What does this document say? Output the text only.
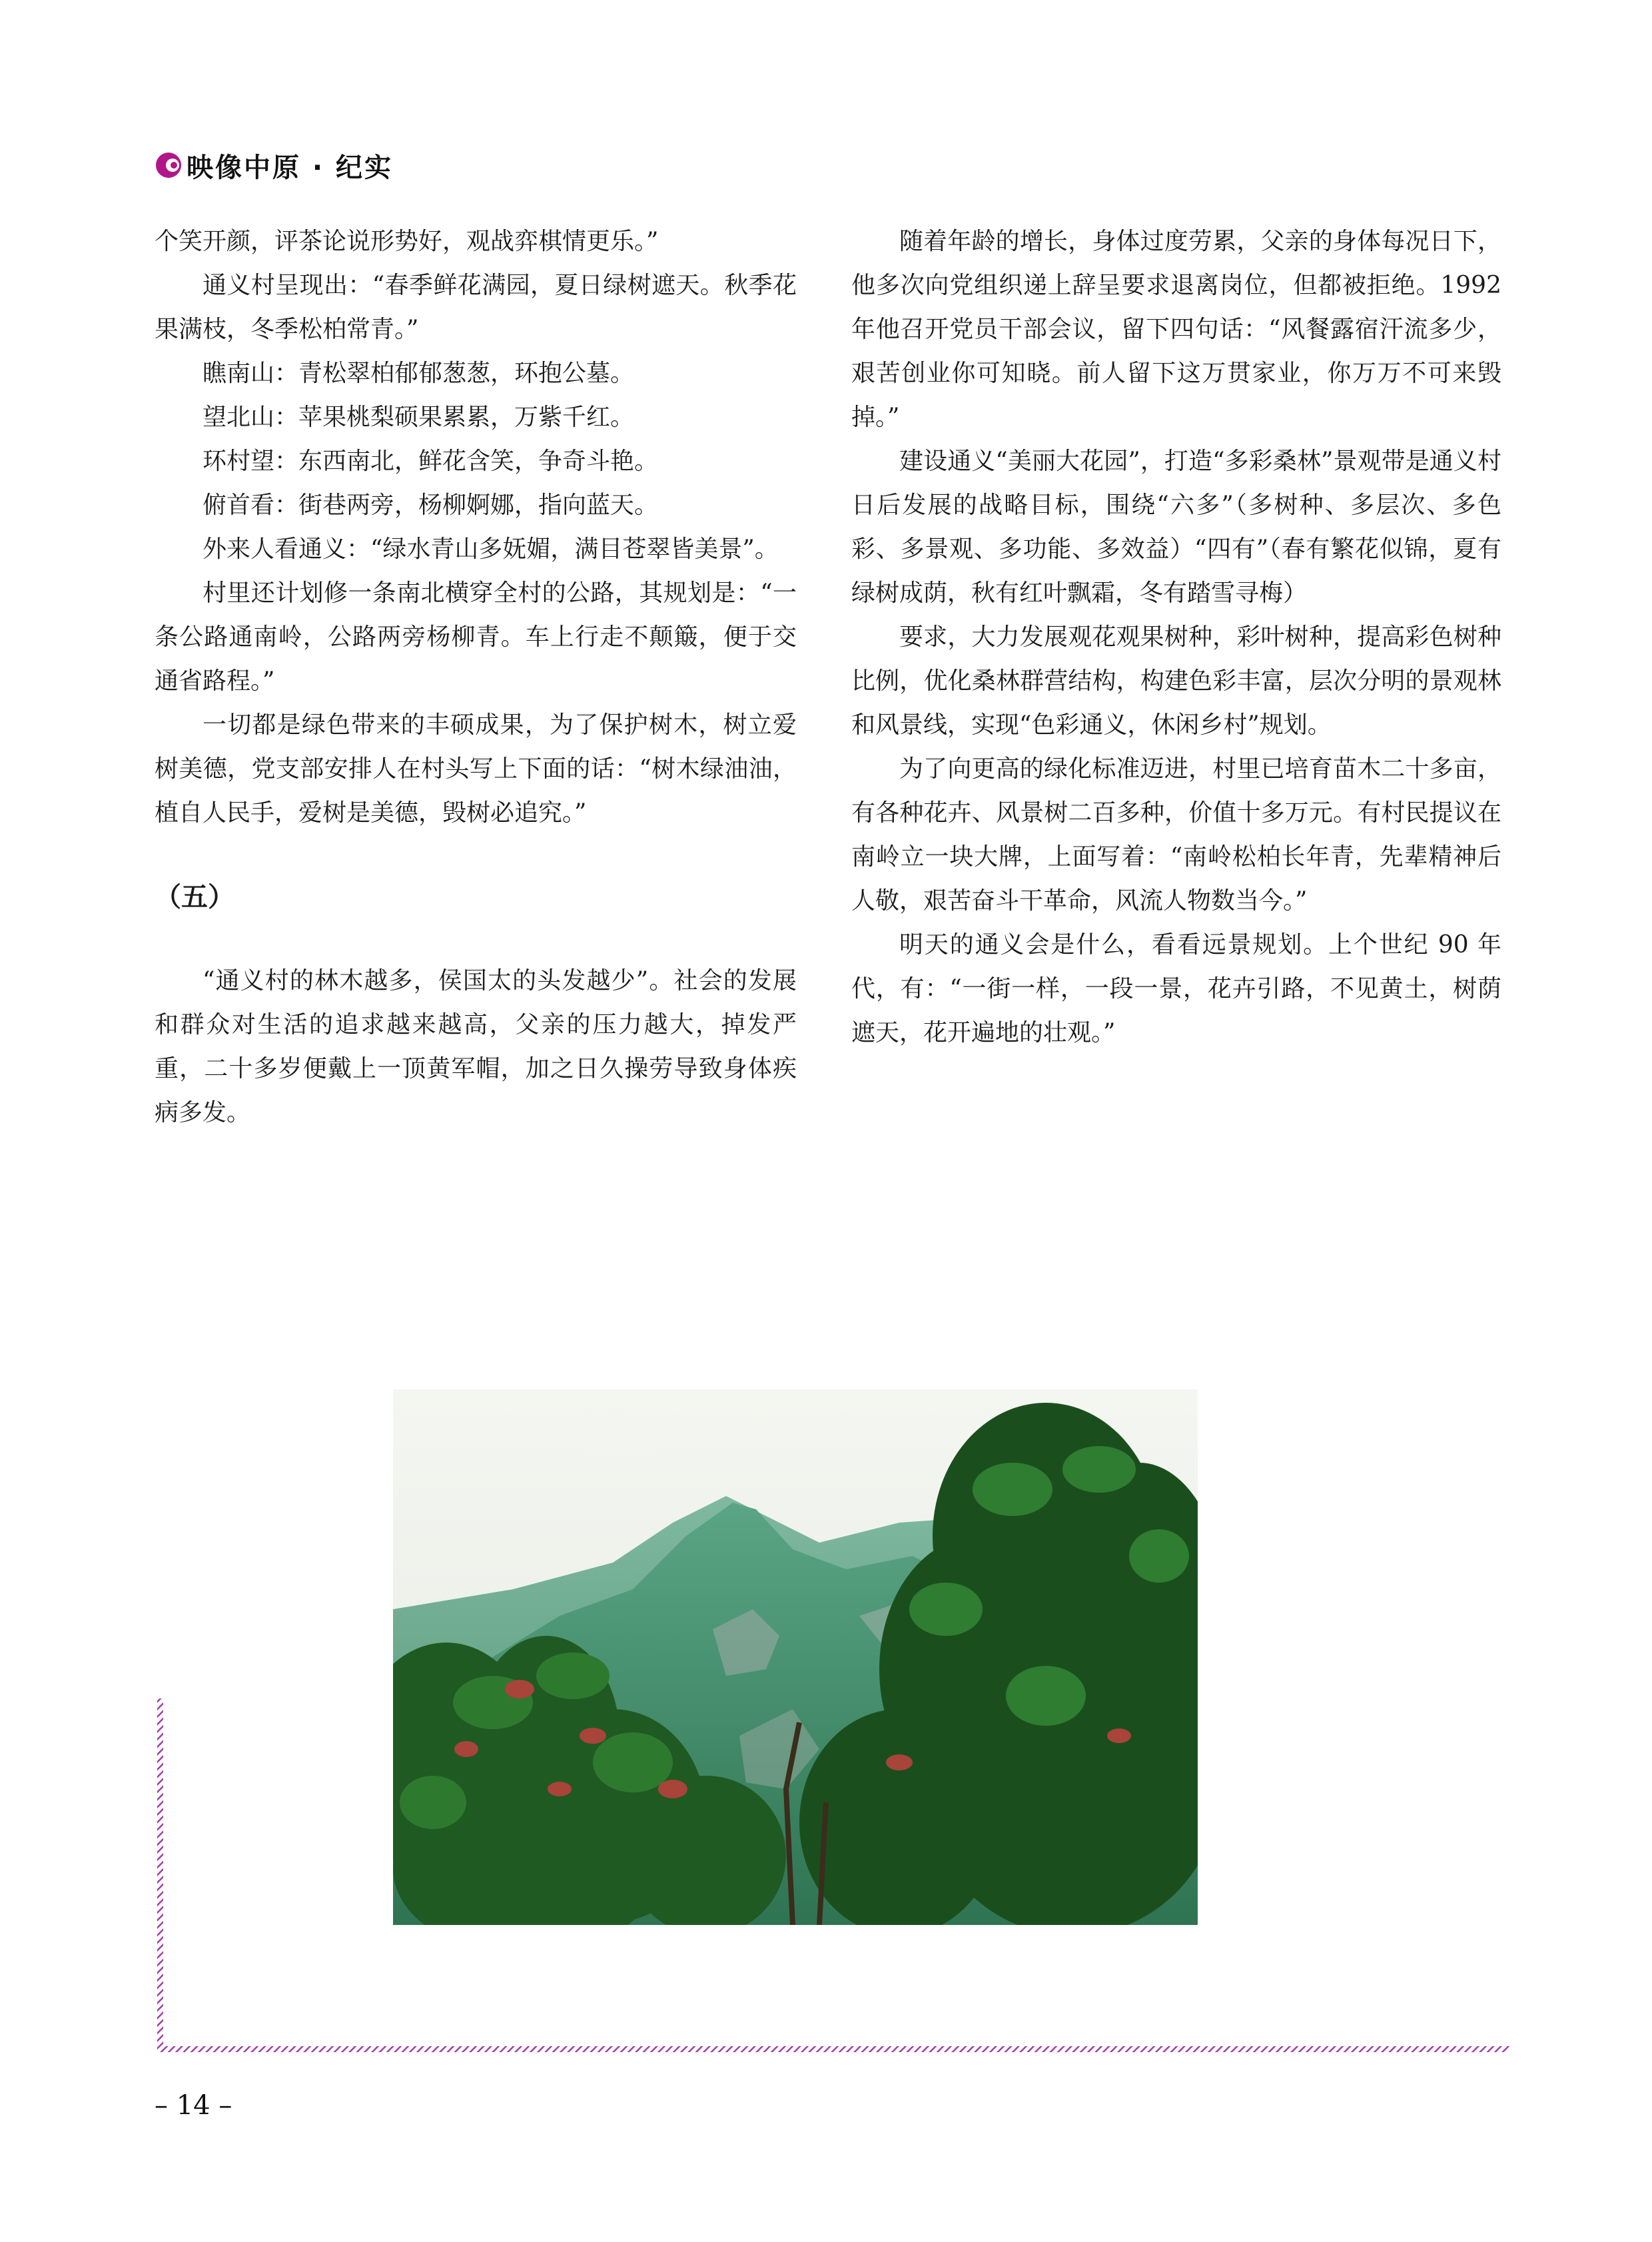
映像中原 · 纪实

个笑开颜，评茶论说形势好，观战弈棋情更乐。”

通义村呈现出：“春季鲜花满园，夏日绿树遮天。秋季花果满枝，冬季松柏常青。”

瞧南山：青松翠柏郁郁葱葱，环抱公墓。

望北山：苹果桃梨硕果累累，万紫千红。

环村望：东西南北，鲜花含笑，争奇斗艳。

俯首看：街巷两旁，杨柳婀娜，指向蓝天。

外来人看通义：“绿水青山多妩媚，满目苍翠皆美景”。

村里还计划修一条南北横穿全村的公路，其规划是：“一条公路通南岭，公路两旁杨柳青。车上行走不颠簸，便于交通省路程。”

一切都是绿色带来的丰硕成果，为了保护树木，树立爱树美德，党支部安排人在村头写上下面的话：“树木绿油油，植自人民手，爱树是美德，毁树必追究。”

（五）

“通义村的林木越多，侯国太的头发越少”。社会的发展和群众对生活的追求越来越高，父亲的压力越大，掉发严重，二十多岁便戴上一顶黄军帽，加之日久操劳导致身体疾病多发。

随着年龄的增长，身体过度劳累，父亲的身体每况日下，他多次向党组织递上辞呈要求退离岗位，但都被拒绝。1992 年他召开党员干部会议，留下四句话：“风餐露宿汗流多少，艰苦创业你可知晓。前人留下这万贯家业，你万万不可来毁掉。”

建设通义“美丽大花园”，打造“多彩桑林”景观带是通义村日后发展的战略目标，围绕“六多”（多树种、多层次、多色彩、多景观、多功能、多效益）“四有”（春有繁花似锦，夏有绿树成荫，秋有红叶飘霜，冬有踏雪寻梅）

要求，大力发展观花观果树种，彩叶树种，提高彩色树种比例，优化桑林群营结构，构建色彩丰富，层次分明的景观林和风景线，实现“色彩通义，休闲乡村”规划。

为了向更高的绿化标准迈进，村里已培育苗木二十多亩，有各种花卉、风景树二百多种，价值十多万元。有村民提议在南岭立一块大牌，上面写着：“南岭松柏长年青，先辈精神后人敬，艰苦奋斗干革命，风流人物数当今。”

明天的通义会是什么，看看远景规划。上个世纪 90 年代，有：“一街一样，一段一景，花卉引路，不见黄土，树荫遮天，花开遍地的壮观。”

– 14 –
